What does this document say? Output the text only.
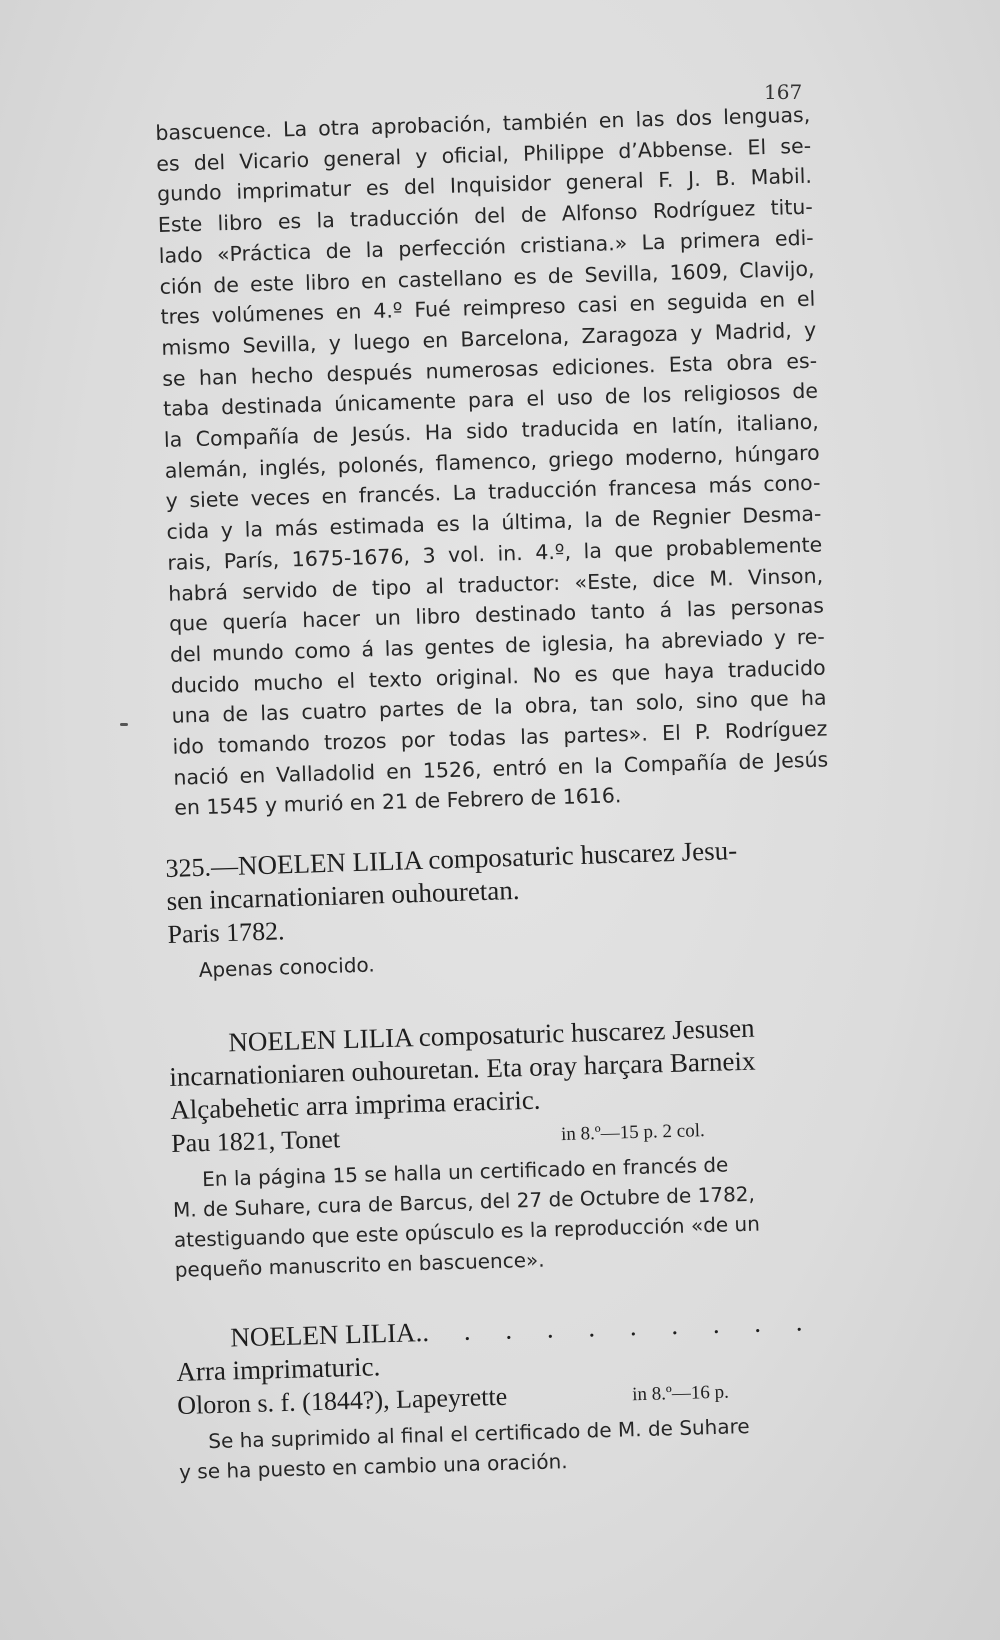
167
bascuence. La otra aprobación, también en las dos lenguas,
es del Vicario general y oficial, Philippe d’Abbense. El se-
gundo imprimatur es del Inquisidor general F. J. B. Mabil.
Este libro es la traducción del de Alfonso Rodríguez titu-
lado «Práctica de la perfección cristiana.» La primera edi-
ción de este libro en castellano es de Sevilla, 1609, Clavijo,
tres volúmenes en 4.º Fué reimpreso casi en seguida en el
mismo Sevilla, y luego en Barcelona, Zaragoza y Madrid, y
se han hecho después numerosas ediciones. Esta obra es-
taba destinada únicamente para el uso de los religiosos de
la Compañía de Jesús. Ha sido traducida en latín, italiano,
alemán, inglés, polonés, flamenco, griego moderno, húngaro
y siete veces en francés. La traducción francesa más cono-
cida y la más estimada es la última, la de Regnier Desma-
rais, París, 1675-1676, 3 vol. in. 4.º, la que probablemente
habrá servido de tipo al traductor: «Este, dice M. Vinson,
que quería hacer un libro destinado tanto á las personas
del mundo como á las gentes de iglesia, ha abreviado y re-
ducido mucho el texto original. No es que haya traducido
una de las cuatro partes de la obra, tan solo, sino que ha
ido tomando trozos por todas las partes». El P. Rodríguez
nació en Valladolid en 1526, entró en la Compañía de Jesús
en 1545 y murió en 21 de Febrero de 1616.
325.—NOELEN LILIA composaturic huscarez Jesu-
sen incarnationiaren ouhouretan.
Paris 1782.
Apenas conocido.
NOELEN LILIA composaturic huscarez Jesusen
incarnationiaren ouhouretan. Eta oray harçara Barneix
Alçabehetic arra imprima eraciric.
Pau 1821, Tonet	in 8.º—15 p. 2 col.
En la página 15 se halla un certificado en francés de
M. de Suhare, cura de Barcus, del 27 de Octubre de 1782,
atestiguando que este opúsculo es la reproducción «de un
pequeño manuscrito en bascuence».
NOELEN LILIA.. . . . . . . . . .
Arra imprimaturic.
Oloron s. f. (1844?), Lapeyrette	in 8.º—16 p.
Se ha suprimido al final el certificado de M. de Suhare
y se ha puesto en cambio una oración.
